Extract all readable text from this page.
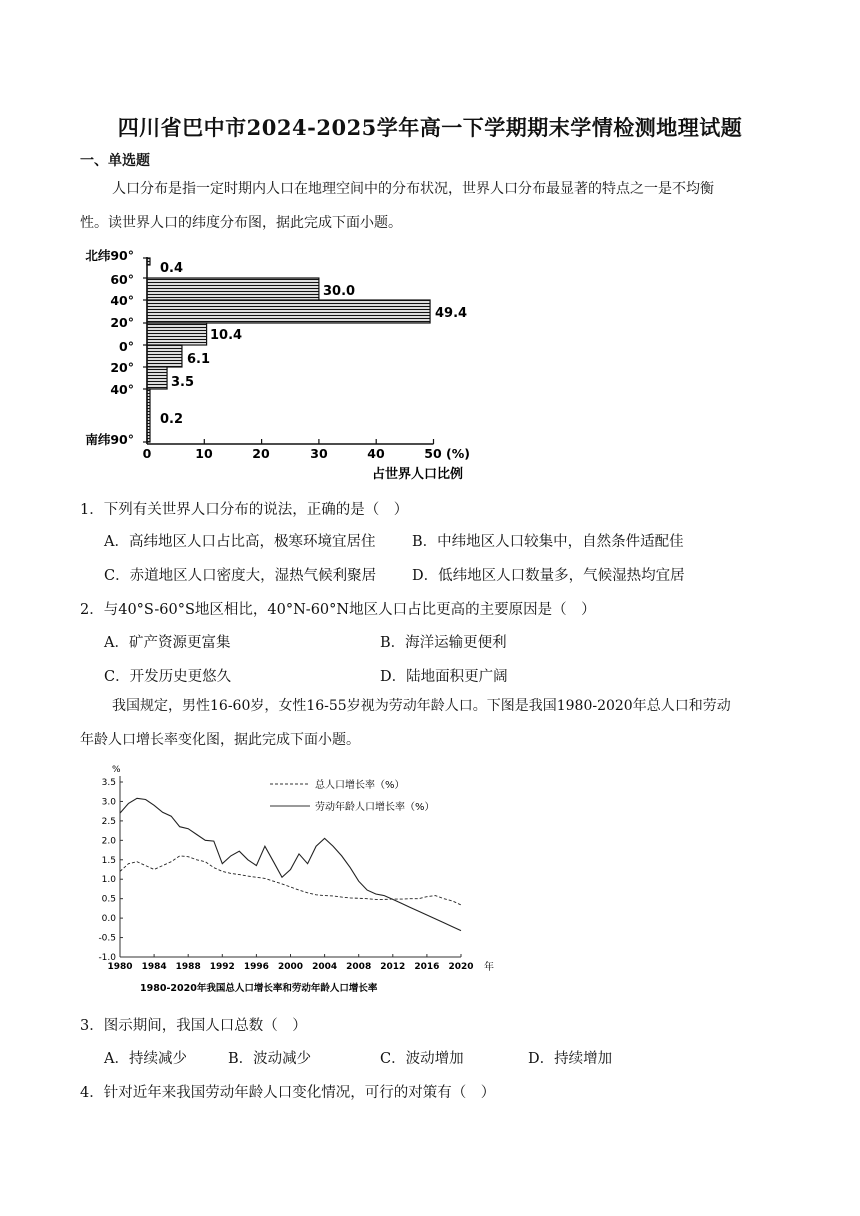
四川省巴中市2024-2025学年高一下学期期末学情检测地理试题
一、单选题
人口分布是指一定时期内人口在地理空间中的分布状况，世界人口分布最显著的特点之一是不均衡
性。读世界人口的纬度分布图，据此完成下面小题。
北纬90°
60°
40°
20°
0°
20°
40°
南纬90°
0.4
30.0
49.4
10.4
6.1
3.5
0.2
0	10	20	30	40	50 (%)
占世界人口比例
1．下列有关世界人口分布的说法，正确的是（　）
A．高纬地区人口占比高，极寒环境宜居住	B．中纬地区人口较集中，自然条件适配佳
C．赤道地区人口密度大，湿热气候利聚居 D．低纬地区人口数量多，气候湿热均宜居
2．与40°S-60°S地区相比，40°N-60°N地区人口占比更高的主要原因是（　）
A．矿产资源更富集	B．海洋运输更便利
C．开发历史更悠久	D．陆地面积更广阔
我国规定，男性16-60岁，女性16-55岁视为劳动年龄人口。下图是我国1980-2020年总人口和劳动
年龄人口增长率变化图，据此完成下面小题。
3.5
3.0
2.5
2.0
1.5
1.0
0.5
0.0
-0.5
-1.0
1980 1984 1988 1992 1996 2000 2004 2008 2012 2016 2020
%
总人口增长率（%）
劳动年龄人口增长率（%）
年
1980-2020年我国总人口增长率和劳动年龄人口增长率
3．图示期间，我国人口总数（　）
A．持续减少	B．波动减少	C．波动增加	D．持续增加
4．针对近年来我国劳动年龄人口变化情况，可行的对策有（　）
